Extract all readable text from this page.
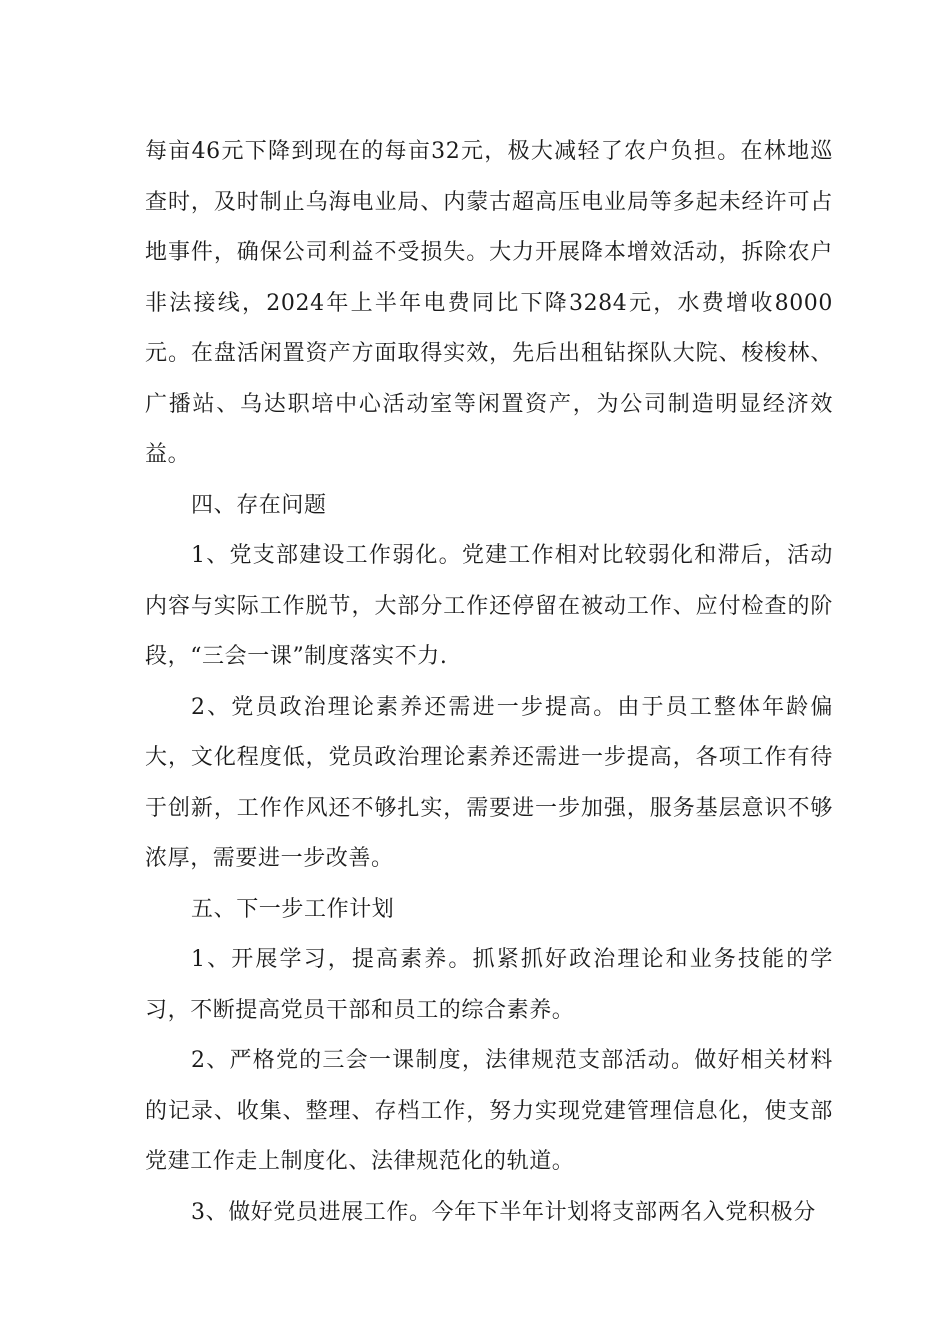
每亩46元下降到现在的每亩32元，极大减轻了农户负担。在林地巡查时，及时制止乌海电业局、内蒙古超高压电业局等多起未经许可占地事件，确保公司利益不受损失。大力开展降本增效活动，拆除农户非法接线，2024年上半年电费同比下降3284元，水费增收8000元。在盘活闲置资产方面取得实效，先后出租钻探队大院、梭梭林、广播站、乌达职培中心活动室等闲置资产，为公司制造明显经济效益。

四、存在问题

1、党支部建设工作弱化。党建工作相对比较弱化和滞后，活动内容与实际工作脱节，大部分工作还停留在被动工作、应付检查的阶段，“三会一课”制度落实不力.

2、党员政治理论素养还需进一步提高。由于员工整体年龄偏大，文化程度低，党员政治理论素养还需进一步提高，各项工作有待于创新，工作作风还不够扎实，需要进一步加强，服务基层意识不够浓厚，需要进一步改善。

五、下一步工作计划

1、开展学习，提高素养。抓紧抓好政治理论和业务技能的学习，不断提高党员干部和员工的综合素养。

2、严格党的三会一课制度，法律规范支部活动。做好相关材料的记录、收集、整理、存档工作，努力实现党建管理信息化，使支部党建工作走上制度化、法律规范化的轨道。

3、做好党员进展工作。今年下半年计划将支部两名入党积极分
